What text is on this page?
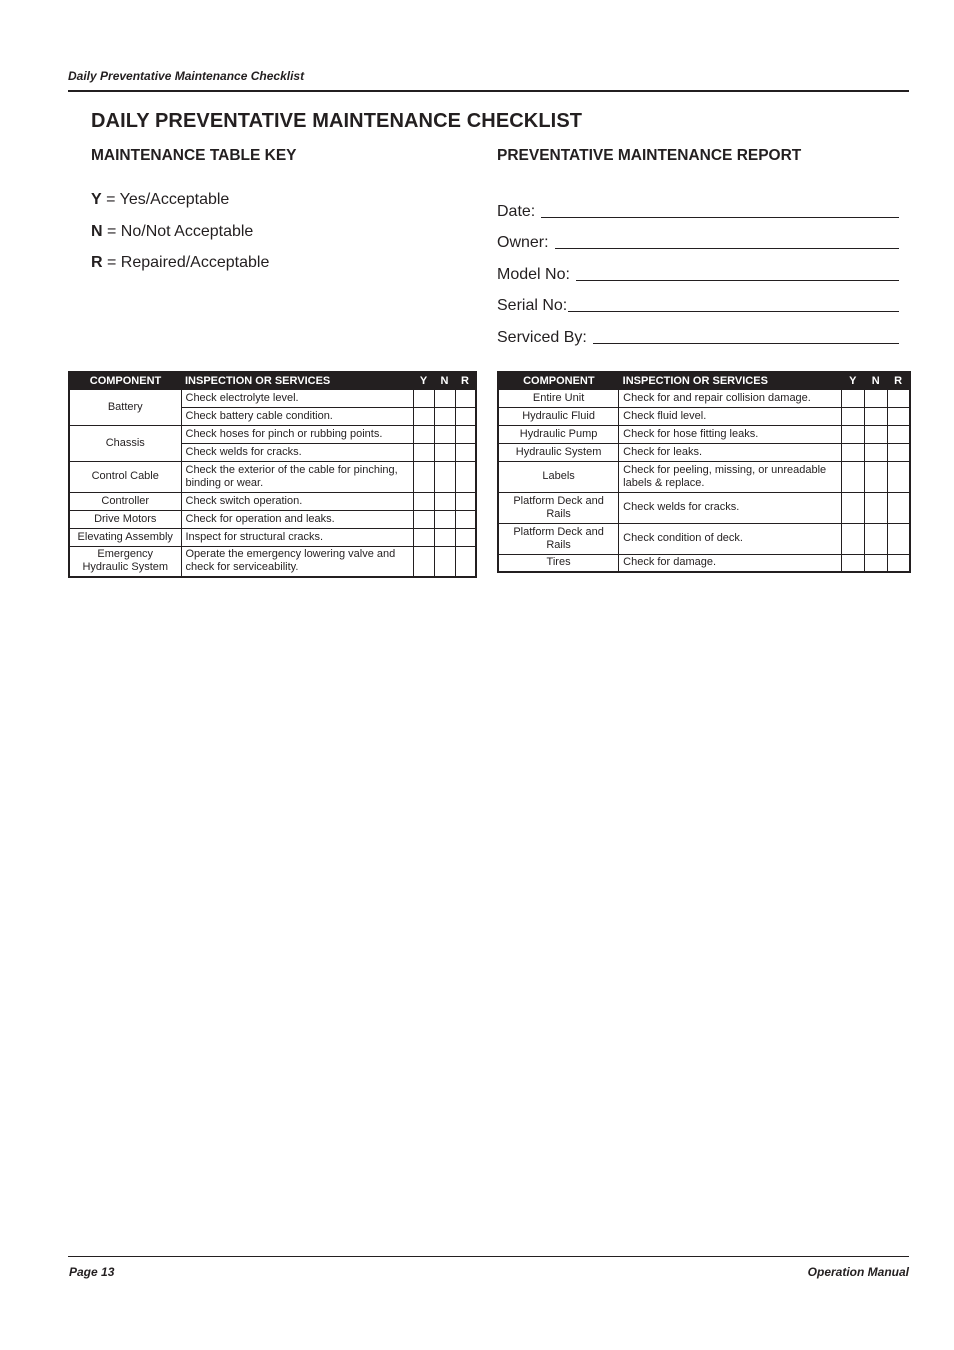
Daily Preventative Maintenance Checklist
DAILY PREVENTATIVE MAINTENANCE CHECKLIST
MAINTENANCE TABLE KEY	PREVENTATIVE MAINTENANCE REPORT
Y = Yes/Acceptable
N = No/Not Acceptable
R = Repaired/Acceptable
Date:
Owner:
Model No:
Serial No:
Serviced By:
COMPONENT	INSPECTION OR SERVICES	Y	N	R
Battery	Check electrolyte level.			
	Check battery cable condition.			
Chassis	Check hoses for pinch or rubbing points.			
	Check welds for cracks.			
Control Cable	Check the exterior of the cable for pinching, binding or wear.			
Controller	Check switch operation.			
Drive Motors	Check for operation and leaks.			
Elevating Assembly	Inspect for structural cracks.			
Emergency Hydraulic System	Operate the emergency lowering valve and check for serviceability.			
COMPONENT	INSPECTION OR SERVICES	Y	N	R
Entire Unit	Check for and repair collision damage.			
Hydraulic Fluid	Check fluid level.			
Hydraulic Pump	Check for hose fitting leaks.			
Hydraulic System	Check for leaks.			
Labels	Check for peeling, missing, or unreadable labels & replace.			
Platform Deck and Rails	Check welds for cracks.			
Platform Deck and Rails	Check condition of deck.			
Tires	Check for damage.			
Page 13	Operation Manual
